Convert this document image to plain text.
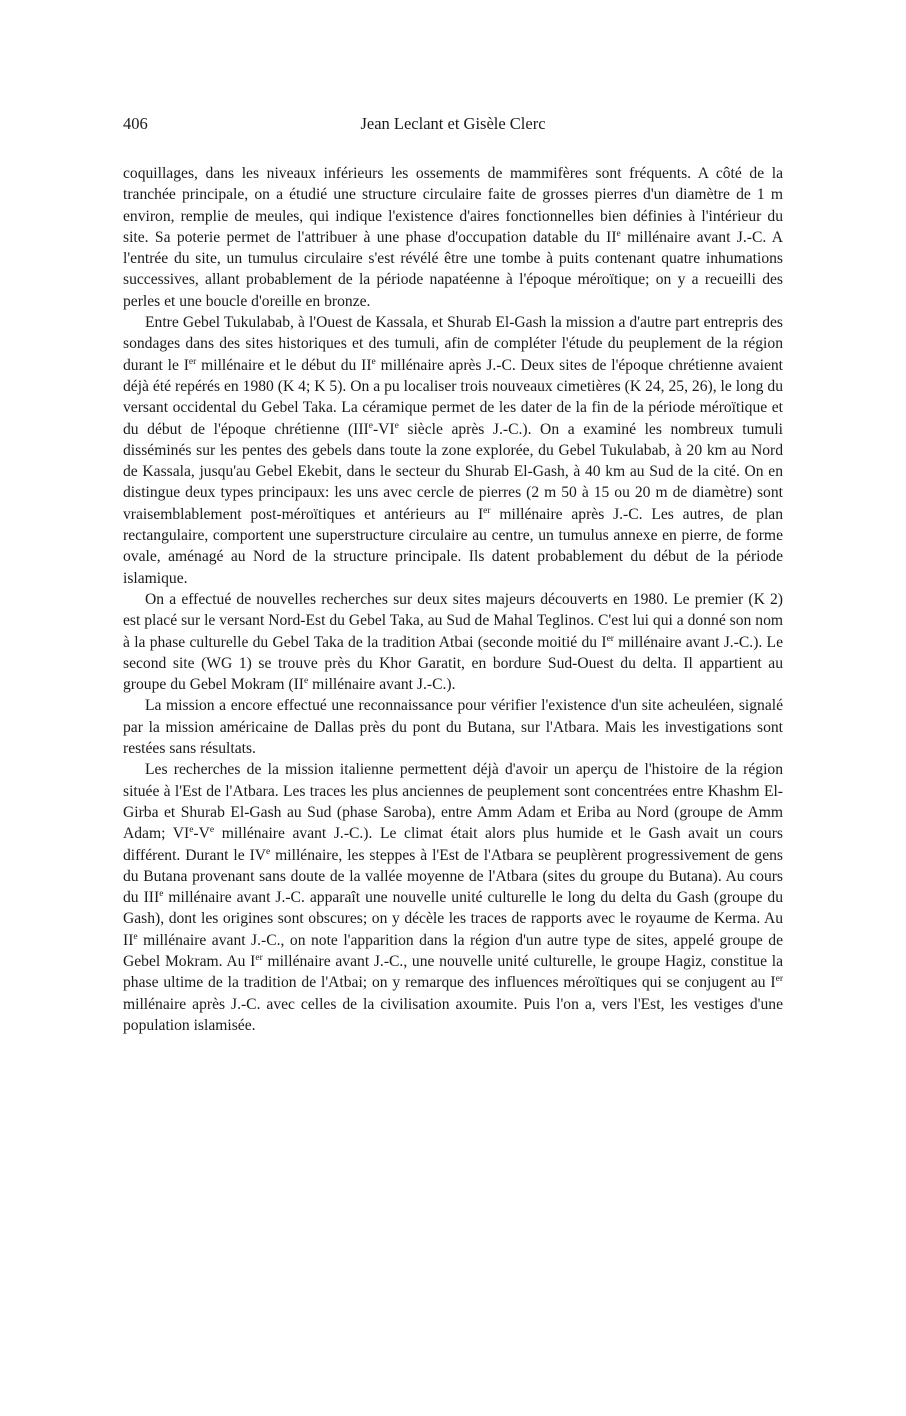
406	Jean Leclant et Gisèle Clerc

coquillages, dans les niveaux inférieurs les ossements de mammifères sont fréquents. A côté de la tranchée principale, on a étudié une structure circulaire faite de grosses pierres d'un diamètre de 1 m environ, remplie de meules, qui indique l'existence d'aires fonctionnelles bien définies à l'intérieur du site. Sa poterie permet de l'attribuer à une phase d'occupation datable du IIe millénaire avant J.-C. A l'entrée du site, un tumulus circulaire s'est révélé être une tombe à puits contenant quatre inhumations successives, allant probablement de la période napatéenne à l'époque méroïtique; on y a recueilli des perles et une boucle d'oreille en bronze.

Entre Gebel Tukulabab, à l'Ouest de Kassala, et Shurab El-Gash la mission a d'autre part entrepris des sondages dans des sites historiques et des tumuli, afin de compléter l'étude du peuplement de la région durant le Ier millénaire et le début du IIe millénaire après J.-C. Deux sites de l'époque chrétienne avaient déjà été repérés en 1980 (K 4; K 5). On a pu localiser trois nouveaux cimetières (K 24, 25, 26), le long du versant occidental du Gebel Taka. La céramique permet de les dater de la fin de la période méroïtique et du début de l'époque chrétienne (IIIe-VIe siècle après J.-C.). On a examiné les nombreux tumuli disséminés sur les pentes des gebels dans toute la zone explorée, du Gebel Tukulabab, à 20 km au Nord de Kassala, jusqu'au Gebel Ekebit, dans le secteur du Shurab El-Gash, à 40 km au Sud de la cité. On en distingue deux types principaux: les uns avec cercle de pierres (2 m 50 à 15 ou 20 m de diamètre) sont vraisemblablement post-méroïtiques et antérieurs au Ier millénaire après J.-C. Les autres, de plan rectangulaire, comportent une superstructure circulaire au centre, un tumulus annexe en pierre, de forme ovale, aménagé au Nord de la structure principale. Ils datent probablement du début de la période islamique.

On a effectué de nouvelles recherches sur deux sites majeurs découverts en 1980. Le premier (K 2) est placé sur le versant Nord-Est du Gebel Taka, au Sud de Mahal Teglinos. C'est lui qui a donné son nom à la phase culturelle du Gebel Taka de la tradition Atbai (seconde moitié du Ier millénaire avant J.-C.). Le second site (WG 1) se trouve près du Khor Garatit, en bordure Sud-Ouest du delta. Il appartient au groupe du Gebel Mokram (IIe millénaire avant J.-C.).

La mission a encore effectué une reconnaissance pour vérifier l'existence d'un site acheuléen, signalé par la mission américaine de Dallas près du pont du Butana, sur l'Atbara. Mais les investigations sont restées sans résultats.

Les recherches de la mission italienne permettent déjà d'avoir un aperçu de l'histoire de la région située à l'Est de l'Atbara. Les traces les plus anciennes de peuplement sont concentrées entre Khashm El-Girba et Shurab El-Gash au Sud (phase Saroba), entre Amm Adam et Eriba au Nord (groupe de Amm Adam; VIe-Ve millénaire avant J.-C.). Le climat était alors plus humide et le Gash avait un cours différent. Durant le IVe millénaire, les steppes à l'Est de l'Atbara se peuplèrent progressivement de gens du Butana provenant sans doute de la vallée moyenne de l'Atbara (sites du groupe du Butana). Au cours du IIIe millénaire avant J.-C. apparaît une nouvelle unité culturelle le long du delta du Gash (groupe du Gash), dont les origines sont obscures; on y décèle les traces de rapports avec le royaume de Kerma. Au IIe millénaire avant J.-C., on note l'apparition dans la région d'un autre type de sites, appelé groupe de Gebel Mokram. Au Ier millénaire avant J.-C., une nouvelle unité culturelle, le groupe Hagiz, constitue la phase ultime de la tradition de l'Atbai; on y remarque des influences méroïtiques qui se conjugent au Ier millénaire après J.-C. avec celles de la civilisation axoumite. Puis l'on a, vers l'Est, les vestiges d'une population islamisée.
